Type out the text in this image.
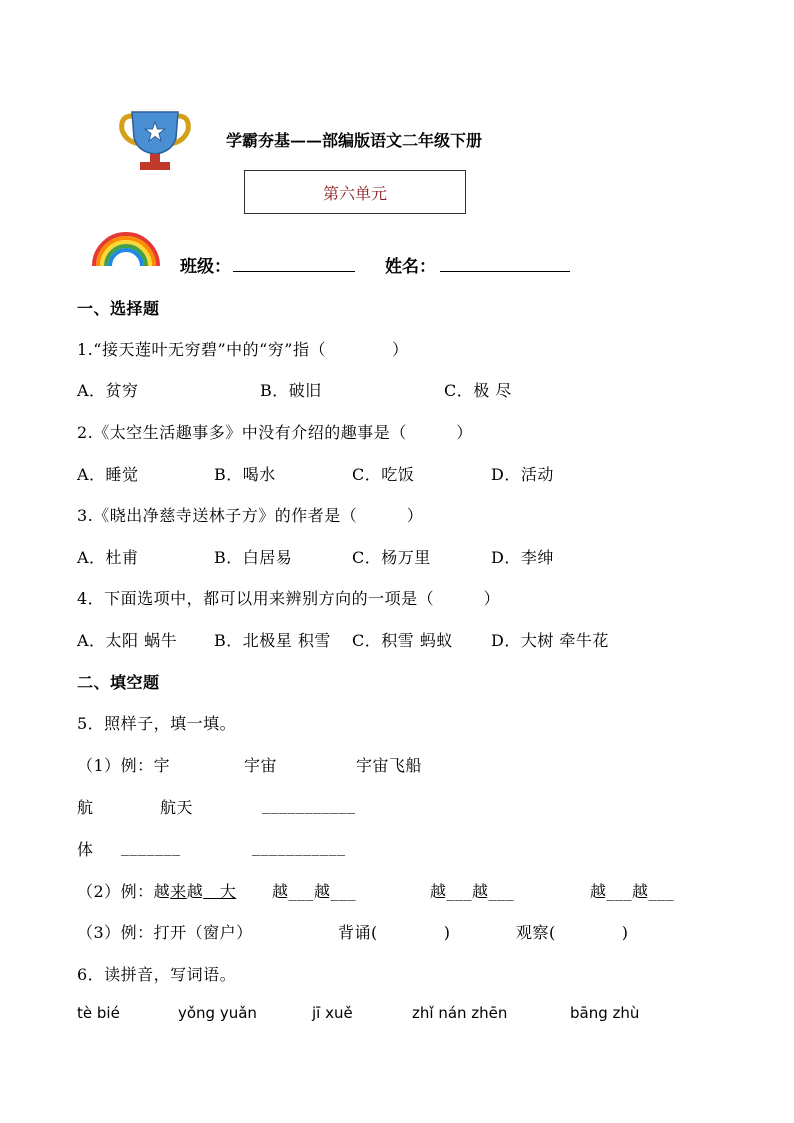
学霸夯基——部编版语文二年级下册
第六单元
班级：	姓名：
一、选择题
1.“接天莲叶无穷碧”中的“穷”指（　　　　）
A．贫穷	B．破旧	C．极 尽
2.《太空生活趣事多》中没有介绍的趣事是（　　　）
A．睡觉	B．喝水	C．吃饭	D．活动
3.《晓出净慈寺送林子方》的作者是（　　　）
A．杜甫	B．白居易	C．杨万里	D．李绅
4．下面选项中，都可以用来辨别方向的一项是（　　　）
A．太阳 蜗牛 B．北极星 积雪 C．积雪 蚂蚁 D．大树 牵牛花
二、填空题
5．照样子，填一填。
（1）例：宇	宇宙	宇宙飞船
航	航天	___________
体 _______	___________
（2）例：越来越  大 越___越___	越___越___	越___越___
（3）例：打开（窗户）	背诵(　　　　)	观察(　　　　)
6．读拼音，写词语。
tè bié	yǒng yuǎn	jī xuě	zhǐ nán zhēn	bāng zhù
